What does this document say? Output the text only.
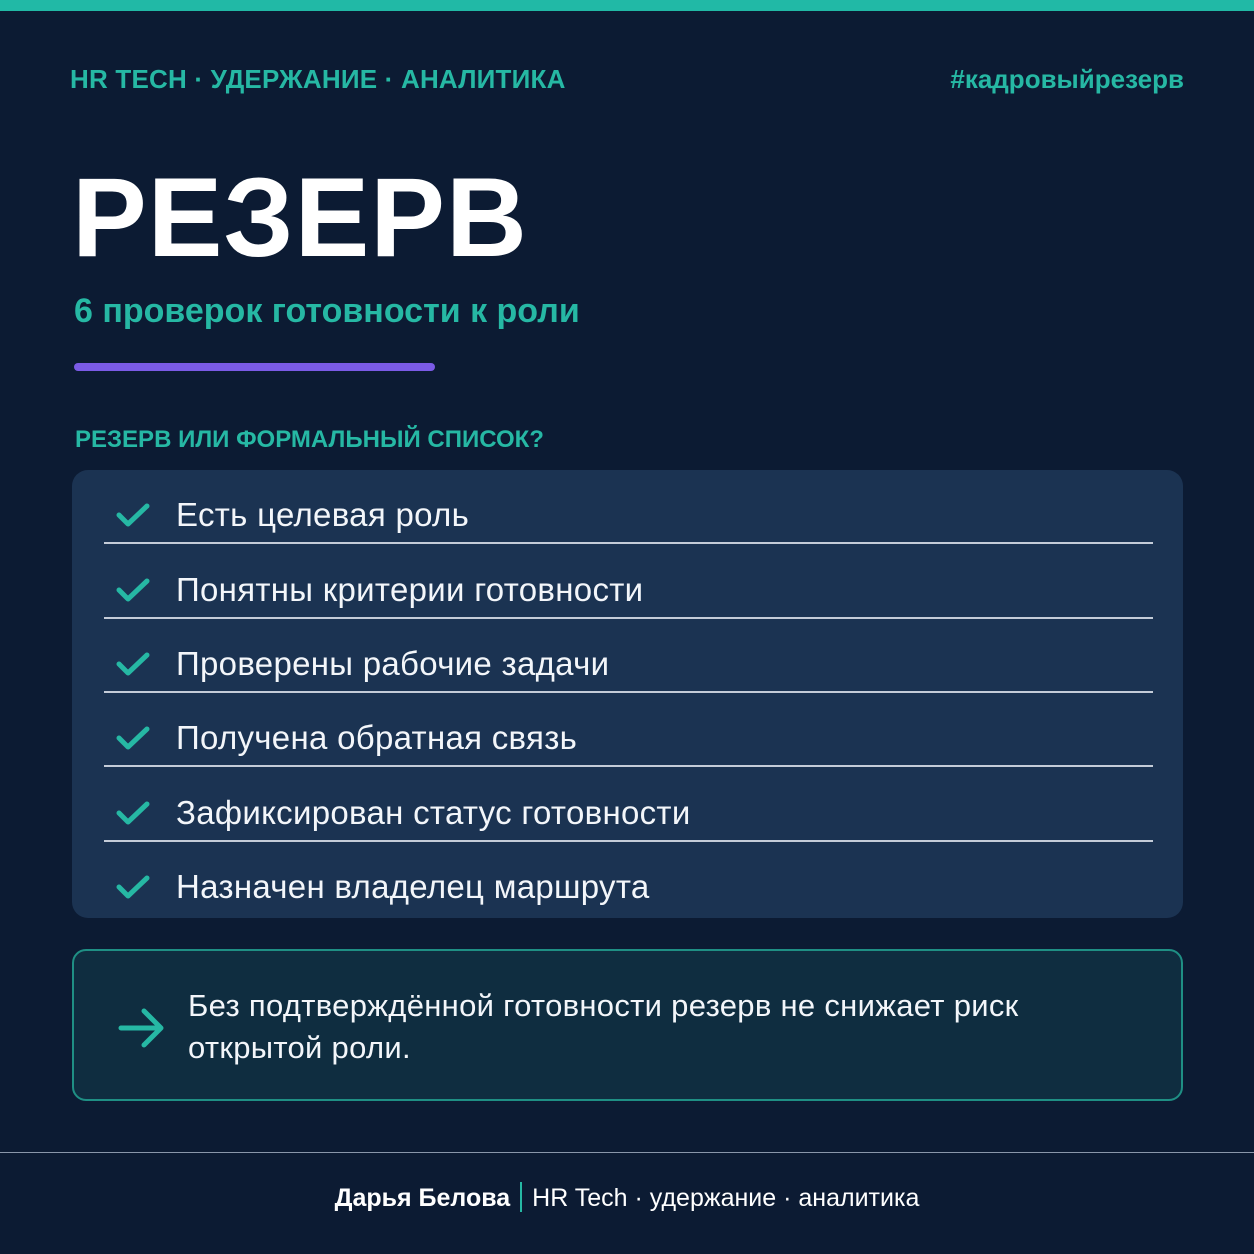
HR TECH · УДЕРЖАНИЕ · АНАЛИТИКА	#кадровыйрезерв
РЕЗЕРВ
6 проверок готовности к роли
РЕЗЕРВ ИЛИ ФОРМАЛЬНЫЙ СПИСОК?
Есть целевая роль
Понятны критерии готовности
Проверены рабочие задачи
Получена обратная связь
Зафиксирован статус готовности
Назначен владелец маршрута
Без подтверждённой готовности резерв не снижает риск открытой роли.
Дарья Белова HR Tech · удержание · аналитика
